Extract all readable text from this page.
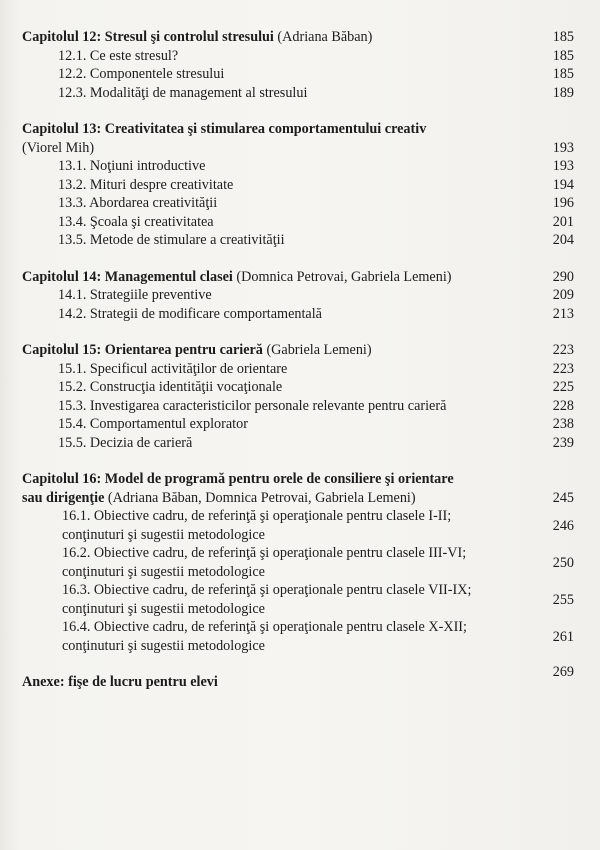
Capitolul 12: Stresul şi controlul stresului (Adriana Băban)	185
12.1. Ce este stresul?	185
12.2. Componentele stresului	185
12.3. Modalităţi de management al stresului	189
Capitolul 13: Creativitatea şi stimularea comportamentului creativ
(Viorel Mih)	193
13.1. Noţiuni introductive	193
13.2. Mituri despre creativitate	194
13.3. Abordarea creativităţii	196
13.4. Şcoala şi creativitatea	201
13.5. Metode de stimulare a creativităţii	204
Capitolul 14: Managementul clasei (Domnica Petrovai, Gabriela Lemeni)	290
14.1. Strategiile preventive	209
14.2. Strategii de modificare comportamentală	213
Capitolul 15: Orientarea pentru carieră (Gabriela Lemeni)	223
15.1. Specificul activităţilor de orientare	223
15.2. Construcţia identităţii vocaţionale	225
15.3. Investigarea caracteristicilor personale relevante pentru carieră	228
15.4. Comportamentul explorator	238
15.5. Decizia de carieră	239
Capitolul 16: Model de programă pentru orele de consiliere şi orientare
sau dirigenţie (Adriana Băban, Domnica Petrovai, Gabriela Lemeni)	245
16.1. Obiective cadru, de referinţă şi operaţionale pentru clasele I-II;
conţinuturi şi sugestii metodologice
246
16.2. Obiective cadru, de referinţă şi operaţionale pentru clasele III-VI;
conţinuturi şi sugestii metodologice
250
16.3. Obiective cadru, de referinţă şi operaţionale pentru clasele VII-IX;
conţinuturi şi sugestii metodologice
255
16.4. Obiective cadru, de referinţă şi operaţionale pentru clasele X-XII;
conţinuturi şi sugestii metodologice
261
Anexe: fişe de lucru pentru elevi
269
